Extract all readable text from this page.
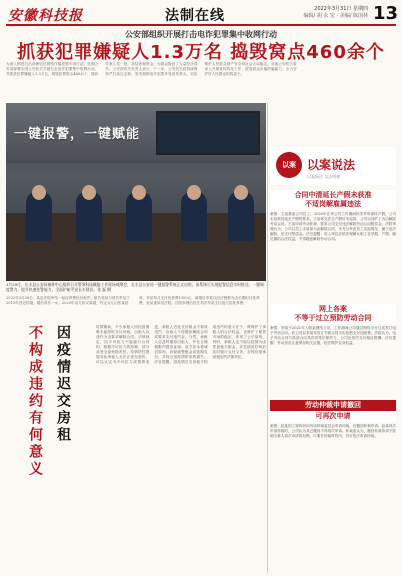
安徽科技报	法制在线	2022年3月31日 星期四
编辑/ 胡 永 宏 · 美编/ 陈国林 13
公安部组织开展打击电诈犯罪集中收网行动
抓获犯罪嫌疑人1.3万名 捣毁窝点460余个
为深入推进打击治理电信网络诈骗犯罪专项行动，近期公安部部署全国公安机关开展打击电诈犯罪集中收网行动，共抓获犯罪嫌疑人1.3万名，捣毁犯罪窝点460余个，缴获作案工具一批，冻结涉案资金，为群众挽回了大量经济损失。公安部有关负责人表示，下一步，公安机关将持续保持严打高压态势，坚决遏制电诈犯罪多发高发势头，切实维护人民群众财产安全和社会大局稳定。各地公安机关要深入开展宣传防范工作，提高群众识骗防骗能力，全力守护好人民群众的钱袋子。
一键报警，一键赋能
3月29日，长丰县公安局指挥中心组织召开警务科技赋能工作现场观摩会，长丰县公安局一键报警系统正式启用。该系统可实现报警信息实时推送，一键调度警力，提升快速处警能力，全面护航平安长丰建设。张 磊 摄
以案 以案说法
以案释法 以法明理
合同中清延长产假未获准
不适岗解雇属违法
案情：王某系某公司员工，2020年在该公司工作期间怀孕并申请休产假，公司未批准其延长产假的要求。王某休完法定产假后未返岗，公司以其旷工为由解除劳动合同。王某申请劳动仲裁，要求公司支付违法解除劳动合同赔偿金。法院审理认为，公司以员工未返岗为由解除合同，未充分考虑员工实际情况，属于违法解除，应支付赔偿金。法官提醒：用人单位应依法保障女职工在孕期、产期、哺乳期的合法权益，不得随意解除劳动合同。
网上各案
不等于过立预防劳动合同
案情：李某于2021年入职某网络公司，工作期间公司通过网络平台与其签订电子劳动合同。后公司以李某未签订书面合同为由拒绝支付加班费。法院认为，电子劳动合同与纸质合同具有同等法律效力，公司应依约支付相应报酬。法官提醒：劳动者应注意保存相关证据，依法维护自身权益。
劳动仲裁申请撤回
可再次申请
案情：赵某因工资纠纷向劳动仲裁委员会申请仲裁，后撤回仲裁申请。赵某再次申请仲裁时，公司认为其已撤回不得再次申请。仲裁委认为，撤回仲裁申请不影响当事人再次申请的权利，只要在仲裁时效内，仍可依法申请仲裁。
2022年3月28日，某县法院审结一起抚养费纠纷案件。原告张某与被告李某于2015年登记结婚，婚后育有一女。2020年双方协议离婚，约定女儿由张某抚养，李某每月支付抚养费1500元。离婚后李某以经济困难为由长期拒付抚养费，张某遂诉至法院。法院审理后依法判决李某支付拖欠的抚养费。
不构成违约有何意义 因疫情迟交房租	疫情期间，不少承租人因经营困难未能按时支付房租，出租人以违约为由要求解除合同。法律规定，因不可抗力不能履行合同的，根据不可抗力的影响，部分或者全部免除责任。疫情防控措施导致承租人无法正常经营的，可以认定为不可抗力或情势变更，承租人迟延支付租金不构成违约，出租人不得据此解除合同或要求支付违约金。当然，承租人应及时通知出租人，并在合理期限内提供证明。双方应本着诚信原则，协商调整租金或延期支付，共同分担疫情带来的损失。法官提醒，因疫情迟交房租不构成违约的意义在于，既保护了承租人的合法权益，也维护了租赁市场的稳定，体现了公平原则。同时，承租人也不能以疫情为由恶意拖欠租金，应在情况好转后及时履行支付义务，否则仍需承担相应的法律责任。
